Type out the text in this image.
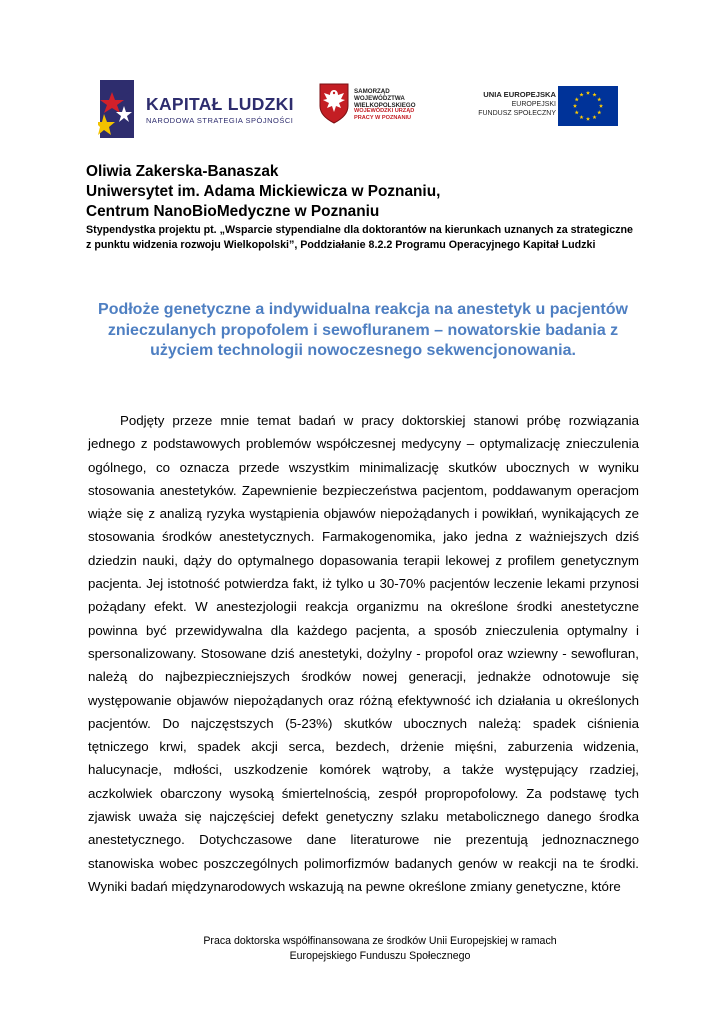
KAPITAŁ LUDZKI
NARODOWA STRATEGIA SPÓJNOŚCI
SAMORZĄD WOJEWÓDZTWA WIELKOPOLSKIEGO
WOJEWÓDZKI URZĄD PRACY W POZNANIU
UNIA EUROPEJSKA
EUROPEJSKI
FUNDUSZ SPOŁECZNY
Oliwia Zakerska-Banaszak
Uniwersytet im. Adama Mickiewicza w Poznaniu,
Centrum NanoBioMedyczne w Poznaniu
Stypendystka projektu pt. „Wsparcie stypendialne dla doktorantów na kierunkach uznanych za strategiczne z punktu widzenia rozwoju Wielkopolski”, Poddziałanie 8.2.2 Programu Operacyjnego Kapitał Ludzki
Podłoże genetyczne a indywidualna reakcja na anestetyk u pacjentów znieczulanych propofolem i sewofluranem – nowatorskie badania z użyciem technologii nowoczesnego sekwencjonowania.
Podjęty przeze mnie temat badań w pracy doktorskiej stanowi próbę rozwiązania jednego z podstawowych problemów współczesnej medycyny – optymalizację znieczulenia ogólnego, co oznacza przede wszystkim minimalizację skutków ubocznych w wyniku stosowania anestetyków. Zapewnienie bezpieczeństwa pacjentom, poddawanym operacjom wiąże się z analizą ryzyka wystąpienia objawów niepożądanych i powikłań, wynikających ze stosowania środków anestetycznych. Farmakogenomika, jako jedna z ważniejszych dziś dziedzin nauki, dąży do optymalnego dopasowania terapii lekowej z profilem genetycznym pacjenta. Jej istotność potwierdza fakt, iż tylko u 30-70% pacjentów leczenie lekami przynosi pożądany efekt. W anestezjologii reakcja organizmu na określone środki anestetyczne powinna być przewidywalna dla każdego pacjenta, a sposób znieczulenia optymalny i spersonalizowany. Stosowane dziś anestetyki, dożylny - propofol oraz wziewny - sewofluran, należą do najbezpieczniejszych środków nowej generacji, jednakże odnotowuje się występowanie objawów niepożądanych oraz różną efektywność ich działania u określonych pacjentów. Do najczęstszych (5-23%) skutków ubocznych należą: spadek ciśnienia tętniczego krwi, spadek akcji serca, bezdech, drżenie mięśni, zaburzenia widzenia, halucynacje, mdłości, uszkodzenie komórek wątroby, a także występujący rzadziej, aczkolwiek obarczony wysoką śmiertelnością, zespół propropofolowy. Za podstawę tych zjawisk uważa się najczęściej defekt genetyczny szlaku metabolicznego danego środka anestetycznego. Dotychczasowe dane literaturowe nie prezentują jednoznacznego stanowiska wobec poszczególnych polimorfizmów badanych genów w reakcji na te środki. Wyniki badań międzynarodowych wskazują na pewne określone zmiany genetyczne, które
Praca doktorska współfinansowana ze środków Unii Europejskiej w ramach
Europejskiego Funduszu Społecznego
